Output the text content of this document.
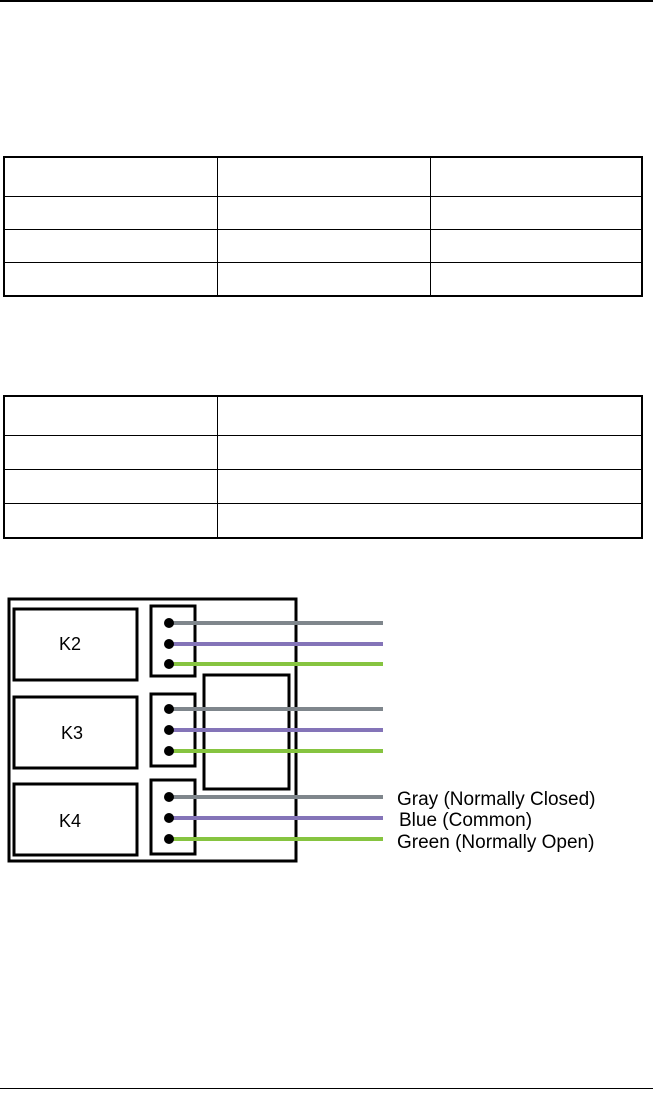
K2
K3
K4
Gray (Normally Closed)
Blue (Common)
Green (Normally Open)
